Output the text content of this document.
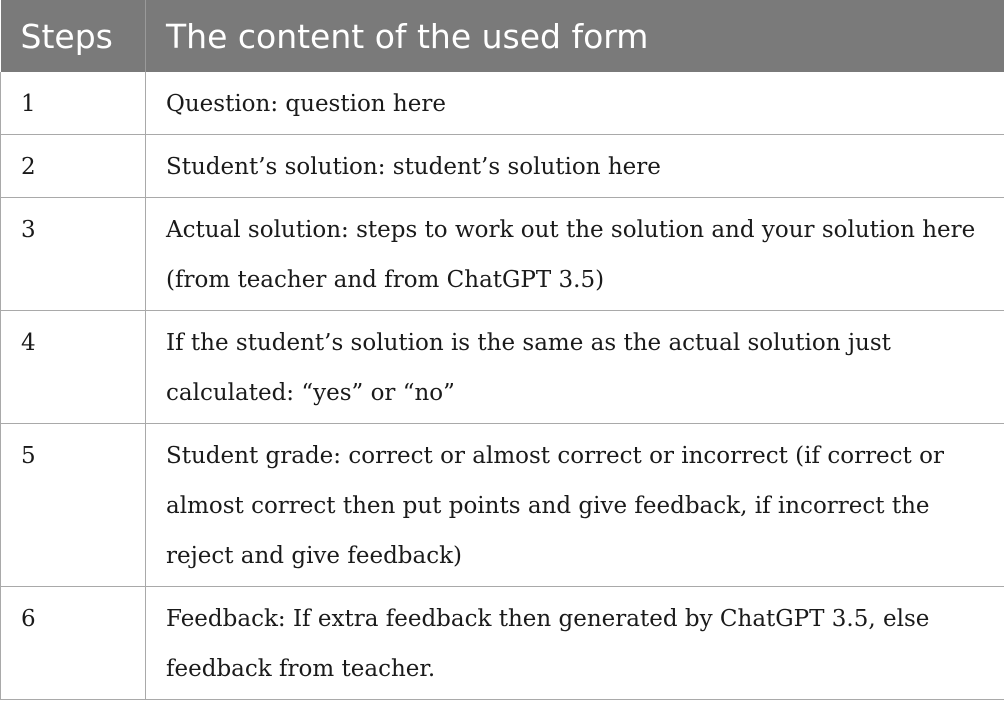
Steps	The content of the used form
1	Question: question here
2	Student’s solution: student’s solution here
3	Actual solution: steps to work out the solution and your solution here (from teacher and from ChatGPT 3.5)
4	If the student’s solution is the same as the actual solution just calculated: “yes” or “no”
5	Student grade: correct or almost correct or incorrect (if correct or almost correct then put points and give feedback, if incorrect the reject and give feedback)
6	Feedback: If extra feedback then generated by ChatGPT 3.5, else feedback from teacher.
